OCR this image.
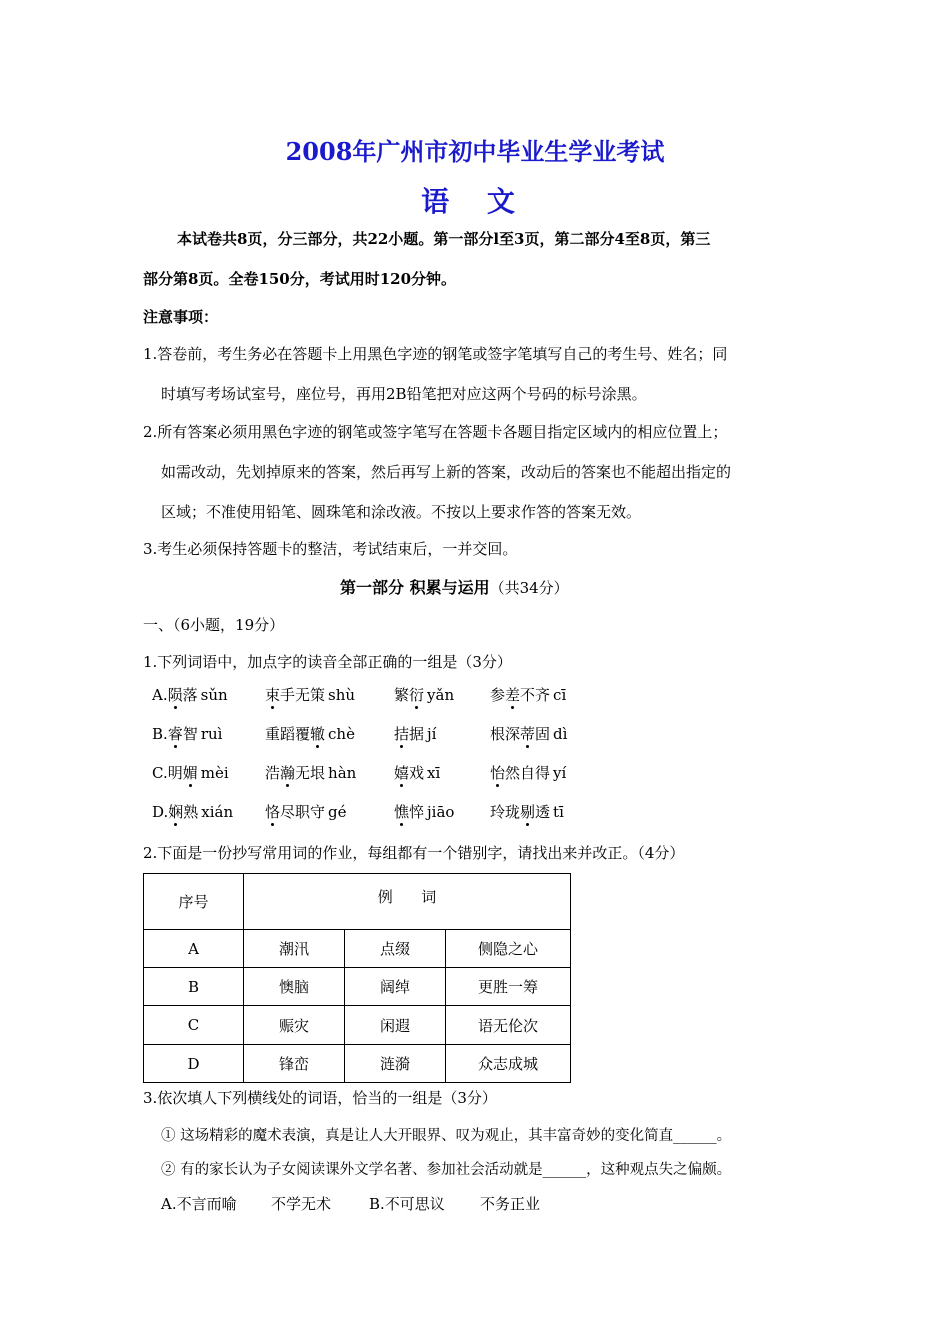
2008年广州市初中毕业生学业考试
语 文
本试卷共8页，分三部分，共22小题。第一部分l至3页，第二部分4至8页，第三
部分第8页。全卷150分，考试用时120分钟。
注意事项：
1.答卷前，考生务必在答题卡上用黑色字迹的钢笔或签字笔填写自己的考生号、姓名；同
时填写考场试室号，座位号，再用2B铅笔把对应这两个号码的标号涂黑。
2.所有答案必须用黑色字迹的钢笔或签字笔写在答题卡各题目指定区域内的相应位置上；
如需改动，先划掉原来的答案，然后再写上新的答案，改动后的答案也不能超出指定的
区域；不准使用铅笔、圆珠笔和涂改液。不按以上要求作答的答案无效。
3.考生必须保持答题卡的整洁，考试结束后，一并交回。
第一部分 积累与运用（共34分）
一、（6小题，19分）
1.下列词语中，加点字的读音全部正确的一组是（3分）
A.陨落 sǔn 束手无策 shù	繁衍 yǎn 参差不齐 cī
B.睿智 ruì	重蹈覆辙 chè	拮据 jí	根深蒂固 dì
C.明媚 mèi 浩瀚无垠 hàn	嬉戏 xī	怡然自得 yí
D.娴熟 xián 恪尽职守 gé	憔悴 jiāo 玲珑剔透 tī
2.下面是一份抄写常用词的作业，每组都有一个错别字，请找出来并改正。（4分）
序号	例      词		
A	潮汛	点缀	侧隐之心
B	懊脑	阔绰	更胜一筹
C	赈灾	闲遐	语无伦次
D	锋峦	涟漪	众志成城
3.依次填人下列横线处的词语，恰当的一组是（3分）
① 这场精彩的魔术表演，真是让人大开眼界、叹为观止，其丰富奇妙的变化简直______。
② 有的家长认为子女阅读课外文学名著、参加社会活动就是______，这种观点失之偏颇。
A.不言而喻 不学无术	B.不可思议 不务正业
